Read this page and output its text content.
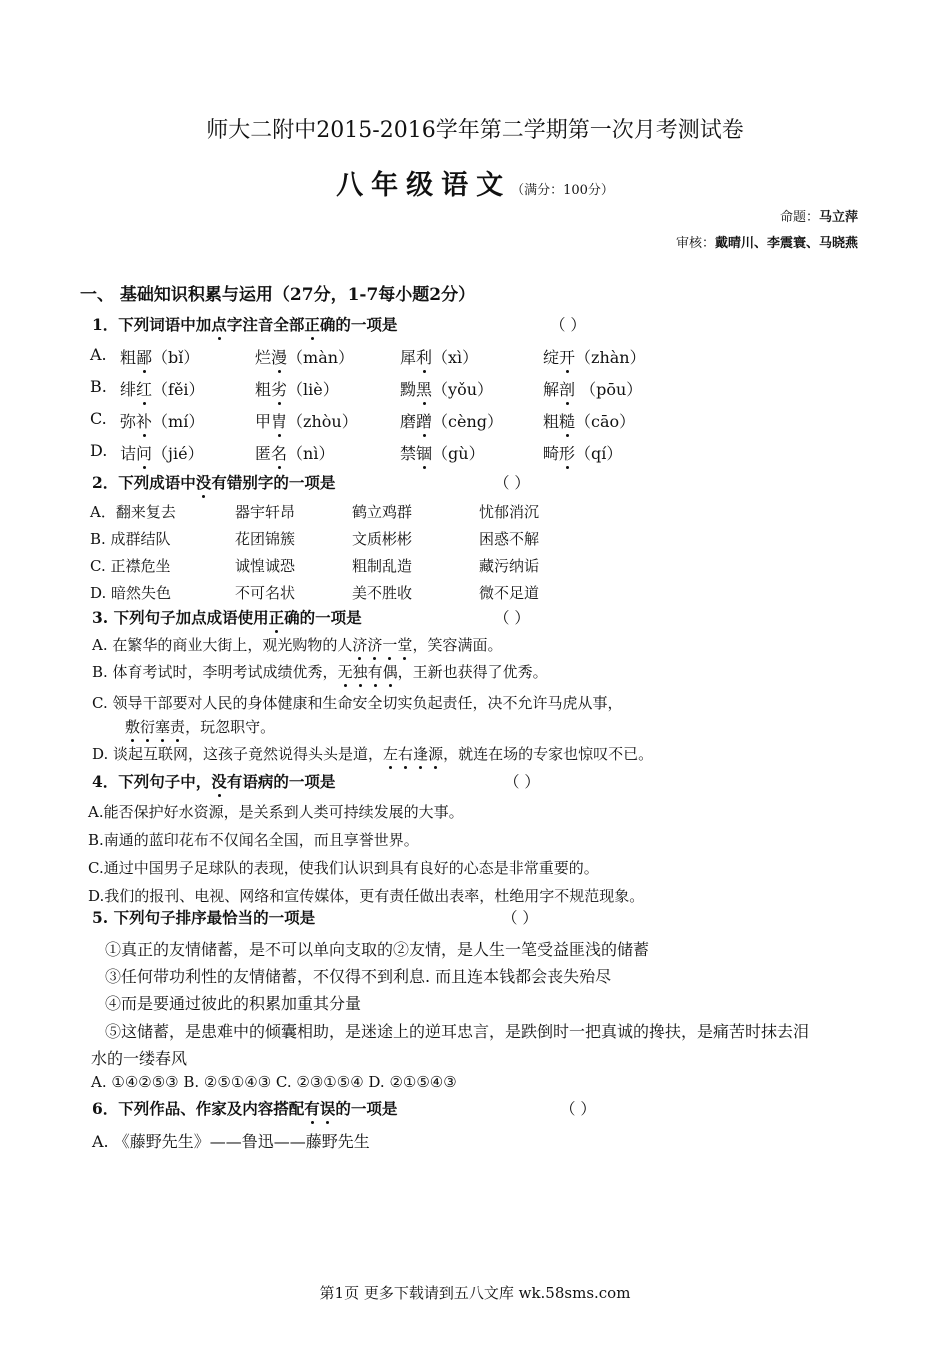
师大二附中2015-2016学年第二学期第一次月考测试卷
八年级语文（满分：100分）
命题：马立萍
审核：戴晴川、李震寰、马晓燕
一、 基础知识积累与运用（27分，1-7每小题2分）
1．下列词语中加点字注音全部正确的一项是	（ ）
A. 粗鄙（bǐ）	烂漫（màn）	犀利（xì）	绽开（zhàn）
B. 绯红（fěi）	粗劣（liè）	黝黑（yǒu）	解剖 （pōu）
C. 弥补（mí）	甲胄（zhòu）	磨蹭（cèng） 粗糙（cāo）
D. 诘问（jié）	匿名（nì）	禁锢（gù）	畸形（qí）
2．下列成语中没有错别字的一项是	（ ）
A．翻来复去	器宇轩昂	鹤立鸡群	忧郁消沉
B. 成群结队	花团锦簇	文质彬彬	困惑不解
C. 正襟危坐	诚惶诚恐	粗制乱造	藏污纳诟
D. 暗然失色	不可名状	美不胜收	微不足道
3. 下列句子加点成语使用正确的一项是	（ ）
A. 在繁华的商业大街上，观光购物的人济济一堂，笑容满面。
B. 体育考试时，李明考试成绩优秀，无独有偶，王新也获得了优秀。
C. 领导干部要对人民的身体健康和生命安全切实负起责任，决不允许马虎从事，
敷衍塞责，玩忽职守。
D. 谈起互联网，这孩子竟然说得头头是道，左右逢源，就连在场的专家也惊叹不已。
4．下列句子中，没有语病的一项是	（ ）
A.能否保护好水资源，是关系到人类可持续发展的大事。
B.南通的蓝印花布不仅闻名全国，而且享誉世界。
C.通过中国男子足球队的表现，使我们认识到具有良好的心态是非常重要的。
D.我们的报刊、电视、网络和宣传媒体，更有责任做出表率，杜绝用字不规范现象。
5. 下列句子排序最恰当的一项是	（ ）
①真正的友情储蓄，是不可以单向支取的②友情，是人生一笔受益匪浅的储蓄
③任何带功利性的友情储蓄，不仅得不到利息. 而且连本钱都会丧失殆尽
④而是要通过彼此的积累加重其分量
⑤这储蓄，是患难中的倾囊相助，是迷途上的逆耳忠言，是跌倒时一把真诚的搀扶，是痛苦时抹去泪
水的一缕春风
A. ①④②⑤③ B. ②⑤①④③ C. ②③①⑤④ D. ②①⑤④③
6．下列作品、作家及内容搭配有误的一项是	（ ）
A. 《藤野先生》——鲁迅——藤野先生
第1页 更多下载请到五八文库 wk.58sms.com
